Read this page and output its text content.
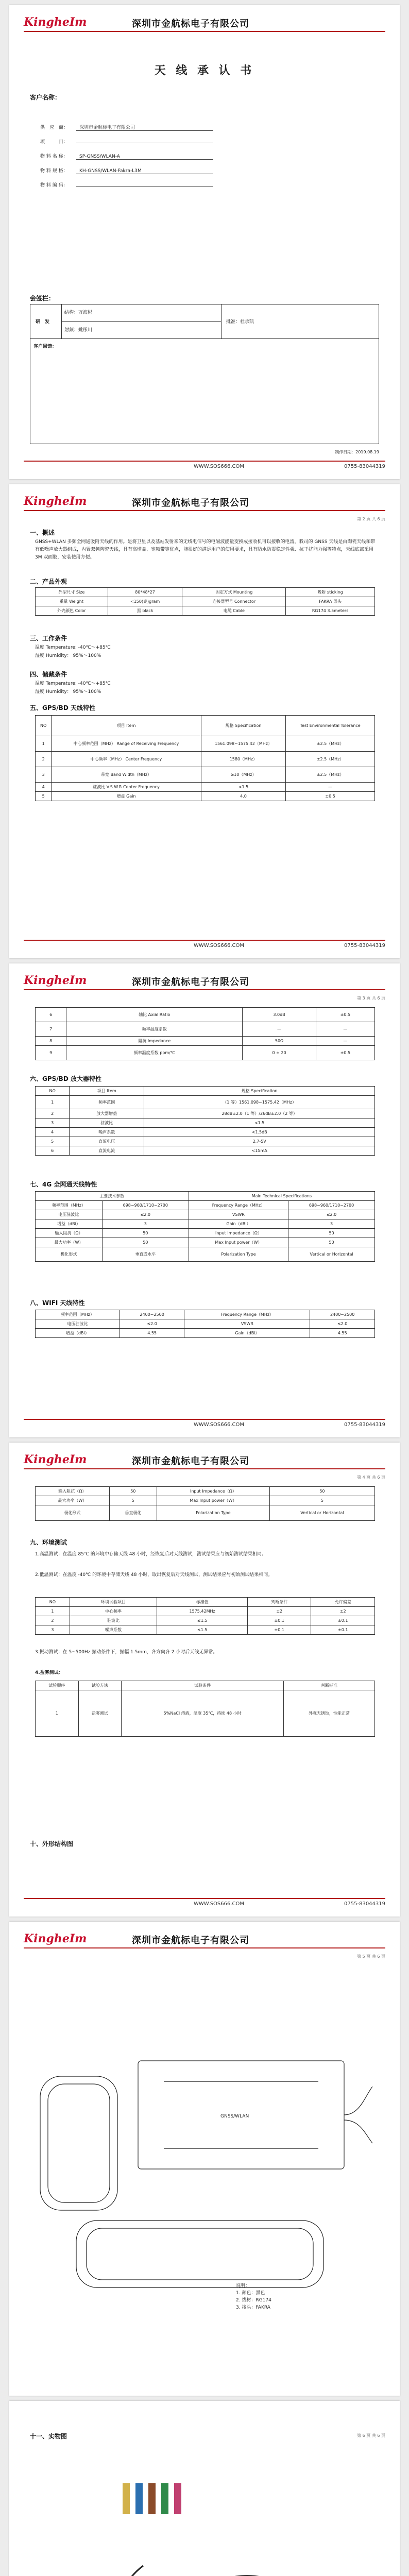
KingheIm	深圳市金航标电子有限公司
天 线 承 认 书
客户名称：
供　应　商： 深圳市金航标电子有限公司
项　　　目：
物 料 名 称： SP-GNSS/WLAN-A
物 料 规 格： KH-GNSS/WLAN-Fakra-L3M
物 料 编 码：
会签栏：
研　发
结构：万海彬
射频：姚彤川
批准：杜承凯
客户回馈：
制作日期：2019.08.19
WWW.SOS666.COM	0755-83044319
KingheIm	深圳市金航标电子有限公司
第 2 页 共 6 页
一、概述
GNSS+WLAN 多频全网通吸附天线的作用。是将卫星以及基站发射来的无线电信号的电磁波能量变换成接收机可以接收的电流，我司的 GNSS 天线是由陶瓷天线和带有低噪声放大器组成，内置双频陶瓷天线，具有高增益、宽频带等优点，能很好的满足用户的使用要求，具有防水防震稳定性强、抗干扰能力强等特点，天线底部采用 3M 双面胶，安装使用方便。
二、产品外观
外型尺寸 Size	80*48*27	固定方式 Mounting	吸附 sticking
重量 Weight	<150(克)gram	连接器型号 Connector	FAKRA 母头
外壳颜色 Color	黑 black	电缆 Cable	RG174 3.5meters
三、工作条件
温度 Temperature: -40℃～+85℃
湿度 Humidity： 95%～100%
四、储藏条件
温度 Temperature: -40℃～+85℃
湿度 Humidity： 95%～100%
五、GPS/BD 天线特性
NO	项目 Item	规格 Specification	Test Environmental Tolerance
1	中心频率范围（MHz） Range of Receiving Frequency	1561.098~1575.42（MHz）	±2.5（MHz）
2	中心频率（MHz） Center Frequency	1580（MHz）	±2.5（MHz）
3	带宽 Band Width（MHz）	≥10（MHz）	±2.5（MHz）
4	驻波比 V.S.W.R Center Frequency	<1.5	—
5	增益 Gain	4.0	±0.5
WWW.SOS666.COM	0755-83044319
KingheIm	深圳市金航标电子有限公司
第 3 页 共 6 页
6	轴比 Axial Ratio	3.0dB	±0.5
7	频率温度系数	—	—
8	阻抗 Impedance	50Ω	—
9	频率温度系数 ppm/℃	0 ± 20	±0.5
六、GPS/BD 放大器特性
NO	项目 Item	规格 Specification
1	频率范围	（1 等）1561.098~1575.42（MHz）
2	放大器增益	28dB±2.0（1 等）/26dB±2.0（2 等）
3	驻波比	<1.5
4	噪声系数	<1.5dB
5	直流电压	2.7-5V
6	直流电流	<15mA
七、4G 全网通天线特性
主要技术参数		Main Technical Specifications	
频率范围（MHz）	698~960/1710~2700	Frequency Range（MHz）	698~960/1710~2700
电压驻波比	≤2.0	VSWR	≤2.0
增益（dBi）	3	Gain（dBi）	3
输入阻抗（Ω）	50	Input Impedance（Ω）	50
最大功率（W）	50	Max Input power（W）	50
极化形式	垂直或水平	Polarization Type	Vertical or Horizontal
八、WIFI 天线特性
频率范围（MHz）	2400~2500	Frequency Range（MHz）	2400~2500
电压驻波比	≤2.0	VSWR	≤2.0
增益（dBi）	4.55	Gain（dBi）	4.55
WWW.SOS666.COM	0755-83044319
KingheIm	深圳市金航标电子有限公司
第 4 页 共 6 页
输入阻抗（Ω）	50	Input Impedance（Ω）	50
最大功率（W）	5	Max Input power（W）	5
极化形式	垂直极化	Polarization Type	Vertical or Horizontal
九、环境测试
1.高温测试：在温度 85℃ 的环境中存储天线 48 小时，经恢复后对天线测试，测试结果应与初始测试结果相同。
2.低温测试：在温度 -40℃ 的环境中存储天线 48 小时，取出恢复后对天线测试，测试结果应与初始测试结果相同。
NO	环境试验项目	标准值	判断条件	允许偏差
1	中心频率	1575.42MHz	±2	±2
2	驻波比	≤1.5	±0.1	±0.1
3	噪声系数	≤1.5	±0.1	±0.1
3.振动测试：在 5~500Hz 振动条件下，振幅 1.5mm，各方向各 2 小时后天线无异常。
4.盐雾测试：
试验顺序	试验方法	试验条件	判断标准
1	盐雾测试	5%NaCl 溶液，温度 35℃，持续 48 小时	外观无锈蚀，性能正常
十、外形结构图
WWW.SOS666.COM	0755-83044319
KingheIm	深圳市金航标电子有限公司
第 5 页 共 6 页
GNSS/WLAN
说明：
1. 颜色：黑色
2. 线材：RG174
3. 接头：FAKRA
第 6 页 共 6 页
十一、实物图
